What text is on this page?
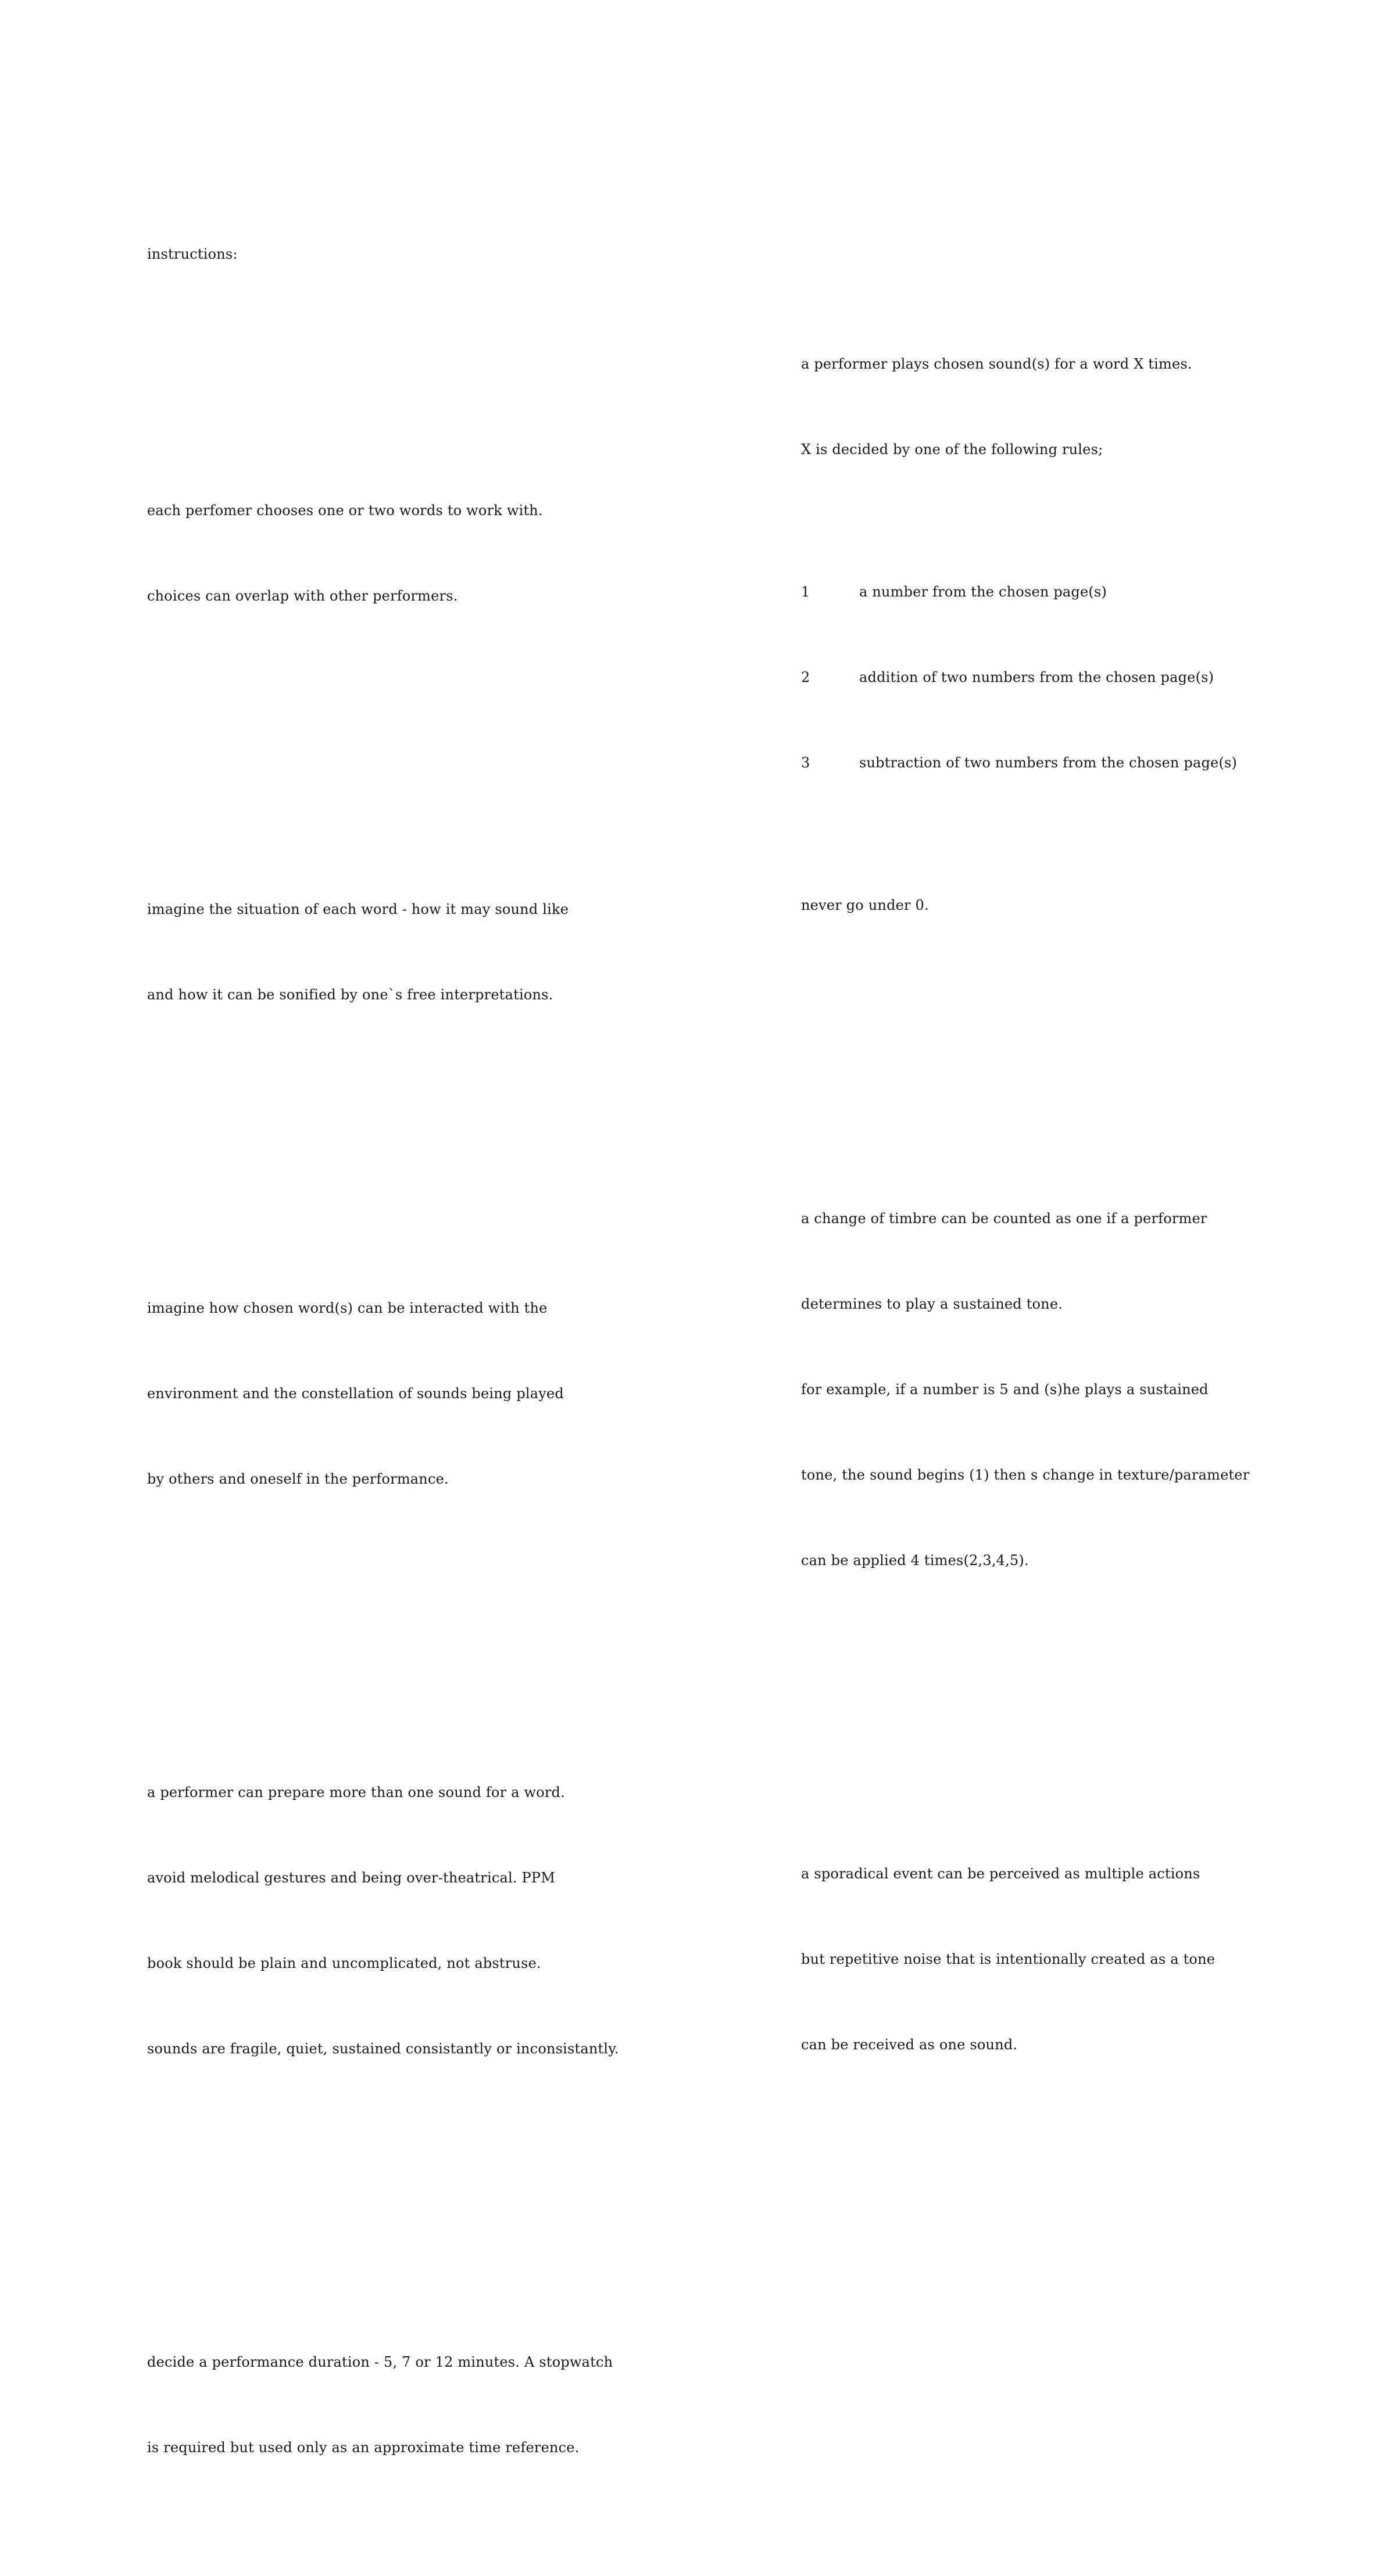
instructions:

each perfomer chooses one or two words to work with.

choices can overlap with other performers.

imagine the situation of each word - how it may sound like

and how it can be sonified by one`s free interpretations.

imagine how chosen word(s) can be interacted with the

environment and the constellation of sounds being played

by others and oneself in the performance.

a performer can prepare more than one sound for a word.

avoid melodical gestures and being over-theatrical. PPM

book should be plain and uncomplicated, not abstruse.

sounds are fragile, quiet, sustained consistantly or inconsistantly.

decide a performance duration - 5, 7 or 12 minutes. A stopwatch

is required but used only as an approximate time reference.

a performer plays chosen sound(s) for a word X times.

X is decided by one of the following rules;

1	a number from the chosen page(s)

2	addition of two numbers from the chosen page(s)

3	subtraction of two numbers from the chosen page(s)

never go under 0.

a change of timbre can be counted as one if a performer

determines to play a sustained tone.

for example, if a number is 5 and (s)he plays a sustained

tone, the sound begins (1) then s change in texture/parameter

can be applied 4 times(2,3,4,5).

a sporadical event can be perceived as multiple actions

but repetitive noise that is intentionally created as a tone

can be received as one sound.
